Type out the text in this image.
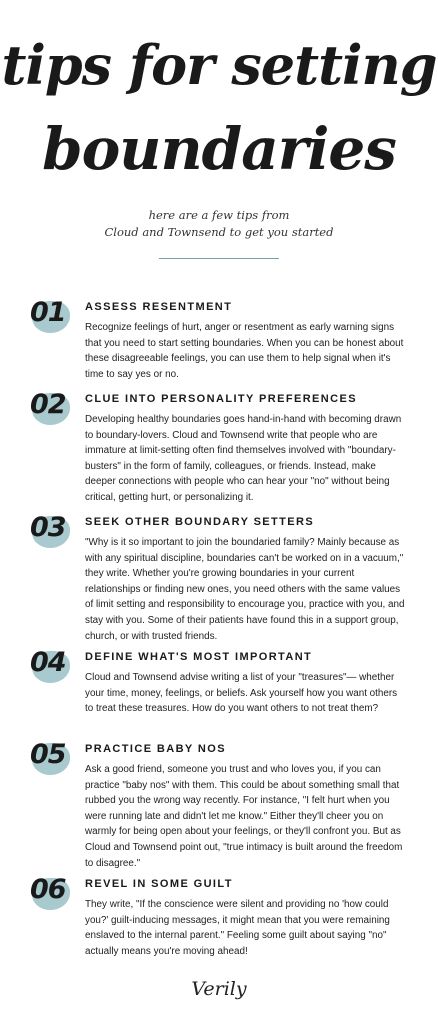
tips for setting
boundaries
here are a few tips from
Cloud and Townsend to get you started
01 ASSESS RESENTMENT
Recognize feelings of hurt, anger or resentment as early warning signs that you need to start setting boundaries. When you can be honest about these disagreeable feelings, you can use them to help signal when it's time to say yes or no.
02 CLUE INTO PERSONALITY PREFERENCES
Developing healthy boundaries goes hand-in-hand with becoming drawn to boundary-lovers. Cloud and Townsend write that people who are immature at limit-setting often find themselves involved with "boundary-busters" in the form of family, colleagues, or friends. Instead, make deeper connections with people who can hear your "no" without being critical, getting hurt, or personalizing it.
03 SEEK OTHER BOUNDARY SETTERS
"Why is it so important to join the boundaried family? Mainly because as with any spiritual discipline, boundaries can't be worked on in a vacuum," they write. Whether you're growing boundaries in your current relationships or finding new ones, you need others with the same values of limit setting and responsibility to encourage you, practice with you, and stay with you. Some of their patients have found this in a support group, church, or with trusted friends.
04 DEFINE WHAT'S MOST IMPORTANT
Cloud and Townsend advise writing a list of your "treasures"— whether your time, money, feelings, or beliefs. Ask yourself how you want others to treat these treasures. How do you want others to not treat them?
05 PRACTICE BABY NOS
Ask a good friend, someone you trust and who loves you, if you can practice "baby nos" with them. This could be about something small that rubbed you the wrong way recently. For instance, "I felt hurt when you were running late and didn't let me know." Either they'll cheer you on warmly for being open about your feelings, or they'll confront you. But as Cloud and Townsend point out, "true intimacy is built around the freedom to disagree."
06 REVEL IN SOME GUILT
They write, "If the conscience were silent and providing no 'how could you?' guilt-inducing messages, it might mean that you were remaining enslaved to the internal parent." Feeling some guilt about saying "no" actually means you're moving ahead!
Verily
